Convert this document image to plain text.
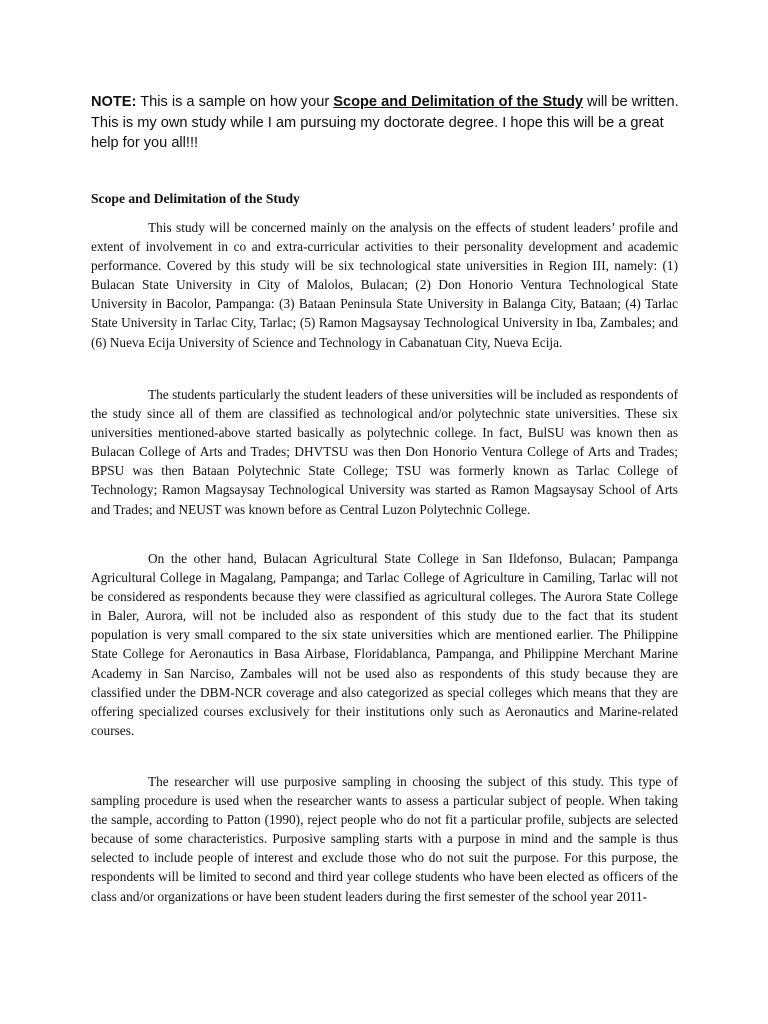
NOTE: This is a sample on how your Scope and Delimitation of the Study will be written. This is my own study while I am pursuing my doctorate degree. I hope this will be a great help for you all!!!

Scope and Delimitation of the Study

This study will be concerned mainly on the analysis on the effects of student leaders’ profile and extent of involvement in co and extra-curricular activities to their personality development and academic performance. Covered by this study will be six technological state universities in Region III, namely: (1) Bulacan State University in City of Malolos, Bulacan; (2) Don Honorio Ventura Technological State University in Bacolor, Pampanga: (3) Bataan Peninsula State University in Balanga City, Bataan; (4) Tarlac State University in Tarlac City, Tarlac; (5) Ramon Magsaysay Technological University in Iba, Zambales; and (6) Nueva Ecija University of Science and Technology in Cabanatuan City, Nueva Ecija.

The students particularly the student leaders of these universities will be included as respondents of the study since all of them are classified as technological and/or polytechnic state universities. These six universities mentioned-above started basically as polytechnic college. In fact, BulSU was known then as Bulacan College of Arts and Trades; DHVTSU was then Don Honorio Ventura College of Arts and Trades; BPSU was then Bataan Polytechnic State College; TSU was formerly known as Tarlac College of Technology; Ramon Magsaysay Technological University was started as Ramon Magsaysay School of Arts and Trades; and NEUST was known before as Central Luzon Polytechnic College.

On the other hand, Bulacan Agricultural State College in San Ildefonso, Bulacan; Pampanga Agricultural College in Magalang, Pampanga; and Tarlac College of Agriculture in Camiling, Tarlac will not be considered as respondents because they were classified as agricultural colleges. The Aurora State College in Baler, Aurora, will not be included also as respondent of this study due to the fact that its student population is very small compared to the six state universities which are mentioned earlier. The Philippine State College for Aeronautics in Basa Airbase, Floridablanca, Pampanga, and Philippine Merchant Marine Academy in San Narciso, Zambales will not be used also as respondents of this study because they are classified under the DBM-NCR coverage and also categorized as special colleges which means that they are offering specialized courses exclusively for their institutions only such as Aeronautics and Marine-related courses.

The researcher will use purposive sampling in choosing the subject of this study. This type of sampling procedure is used when the researcher wants to assess a particular subject of people. When taking the sample, according to Patton (1990), reject people who do not fit a particular profile, subjects are selected because of some characteristics. Purposive sampling starts with a purpose in mind and the sample is thus selected to include people of interest and exclude those who do not suit the purpose. For this purpose, the respondents will be limited to second and third year college students who have been elected as officers of the class and/or organizations or have been student leaders during the first semester of the school year 2011-
